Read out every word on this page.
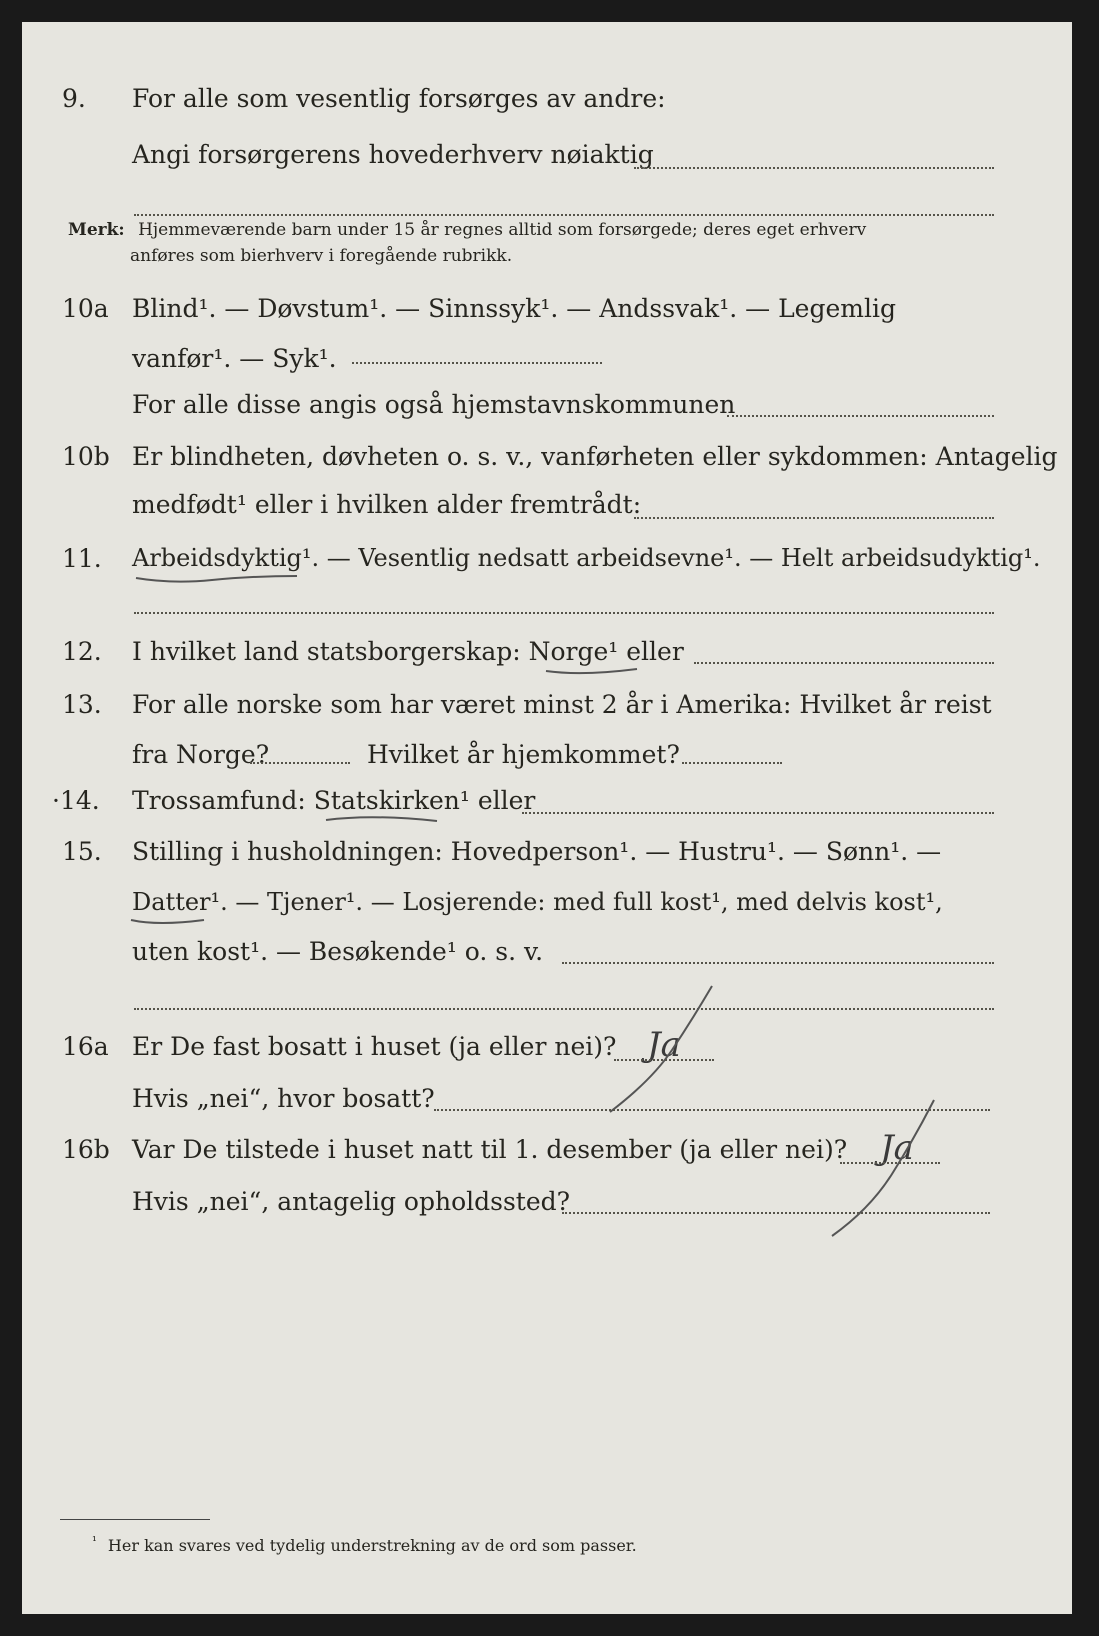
9. For alle som vesentlig forsørges av andre:
Angi forsørgerens hovederhverv nøiaktig
Merk: Hjemmeværende barn under 15 år regnes alltid som forsørgede; deres eget erhverv
anføres som bierhverv i foregående rubrikk.
10a Blind¹. — Døvstum¹. — Sinnssyk¹. — Andssvak¹. — Legemlig
vanfør¹. — Syk¹.
For alle disse angis også hjemstavnskommunen
10b Er blindheten, døvheten o. s. v., vanførheten eller sykdommen: Antagelig
medfødt¹ eller i hvilken alder fremtrådt:
11. Arbeidsdyktig¹. — Vesentlig nedsatt arbeidsevne¹. — Helt arbeidsudyktig¹.
12. I hvilket land statsborgerskap: Norge¹ eller
13. For alle norske som har været minst 2 år i Amerika: Hvilket år reist
fra Norge?	Hvilket år hjemkommet?
·14. Trossamfund: Statskirken¹ eller
15. Stilling i husholdningen: Hovedperson¹. — Hustru¹. — Sønn¹. —
Datter¹. — Tjener¹. — Losjerende: med full kost¹, med delvis kost¹,
uten kost¹. — Besøkende¹ o. s. v.
16a Er De fast bosatt i huset (ja eller nei)? Ja
Hvis „nei“, hvor bosatt?
16b Var De tilstede i huset natt til 1. desember (ja eller nei)? Ja
Hvis „nei“, antagelig opholdssted?
$^{^1}$ Her kan svares ved tydelig understrekning av de ord som passer.
